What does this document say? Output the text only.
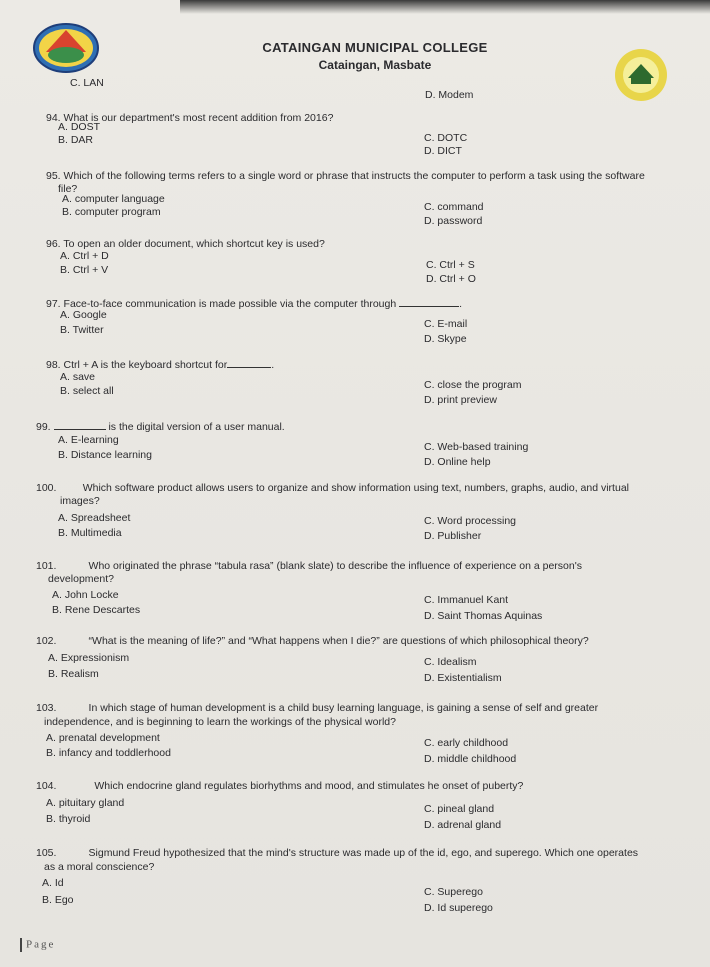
CATAINGAN MUNICIPAL COLLEGE
Cataingan, Masbate
C. LAN
D. Modem
94. What is our department's most recent addition from 2016?
A. DOST
B. DAR	C. DOTC
D. DICT
95. Which of the following terms refers to a single word or phrase that instructs the computer to perform a task using the software
file?
A. computer language
B. computer program	C. command
D. password
96. To open an older document, which shortcut key is used?
A. Ctrl + D
B. Ctrl + V	C. Ctrl + S
D. Ctrl + O
97. Face-to-face communication is made possible via the computer through	.
A. Google
B. Twitter	C. E-mail
D. Skype
98. Ctrl + A is the keyboard shortcut for	.
A. save
B. select all	C. close the program
D. print preview
99.	is the digital version of a user manual.
A. E-learning
B. Distance learning
C. Web-based training
D. Online help
100.	Which software product allows users to organize and show information using text, numbers, graphs, audio, and virtual
images?
A. Spreadsheet
B. Multimedia
C. Word processing
D. Publisher
101.	Who originated the phrase “tabula rasa” (blank slate) to describe the influence of experience on a person's
development?
A. John Locke
B. Rene Descartes
C. Immanuel Kant
D. Saint Thomas Aquinas
102.	“What is the meaning of life?” and “What happens when I die?” are questions of which philosophical theory?
A. Expressionism
B. Realism
C. Idealism
D. Existentialism
103.	In which stage of human development is a child busy learning language, is gaining a sense of self and greater
independence, and is beginning to learn the workings of the physical world?
A. prenatal development
B. infancy and toddlerhood
C. early childhood
D. middle childhood
104.	Which endocrine gland regulates biorhythms and mood, and stimulates he onset of puberty?
A. pituitary gland
B. thyroid
C. pineal gland
D. adrenal gland
105.	Sigmund Freud hypothesized that the mind's structure was made up of the id, ego, and superego. Which one operates
as a moral conscience?
A. Id
B. Ego
C. Superego
D. Id superego
Page
